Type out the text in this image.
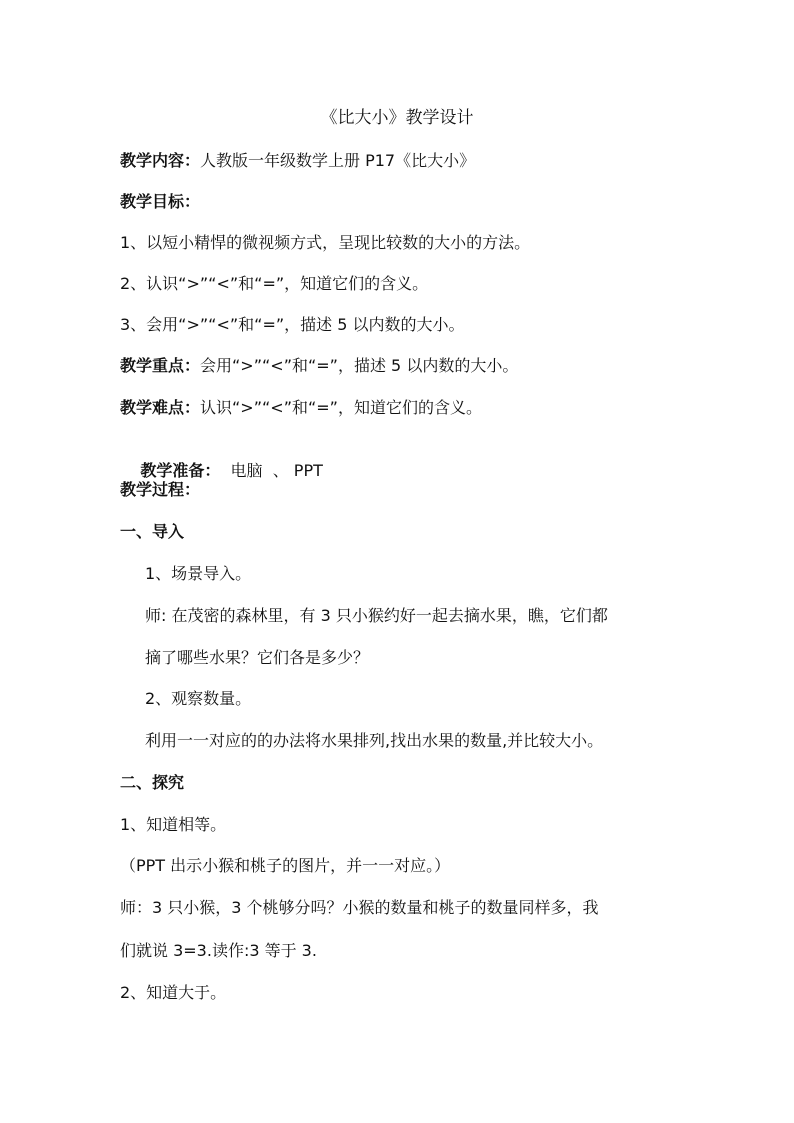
《比大小》教学设计
教学内容：人教版一年级数学上册 P17《比大小》
教学目标：
1、以短小精悍的微视频方式，呈现比较数的大小的方法。
2、认识“>”“<”和“=”，知道它们的含义。
3、会用“>”“<”和“=”，描述 5 以内数的大小。
教学重点：会用“>”“<”和“=”，描述 5 以内数的大小。
教学难点：认识“>”“<”和“=”，知道它们的含义。

教学准备：  电脑  、 PPT

教学过程：
一、导入
1、场景导入。
师: 在茂密的森林里，有 3 只小猴约好一起去摘水果，瞧，它们都
摘了哪些水果？它们各是多少？
2、观察数量。
利用一一对应的的办法将水果排列,找出水果的数量,并比较大小。
二、探究
1、知道相等。
（PPT 出示小猴和桃子的图片，并一一对应。）
师：3 只小猴，3 个桃够分吗？小猴的数量和桃子的数量同样多，我
们就说 3=3.读作:3 等于 3.
2、知道大于。
